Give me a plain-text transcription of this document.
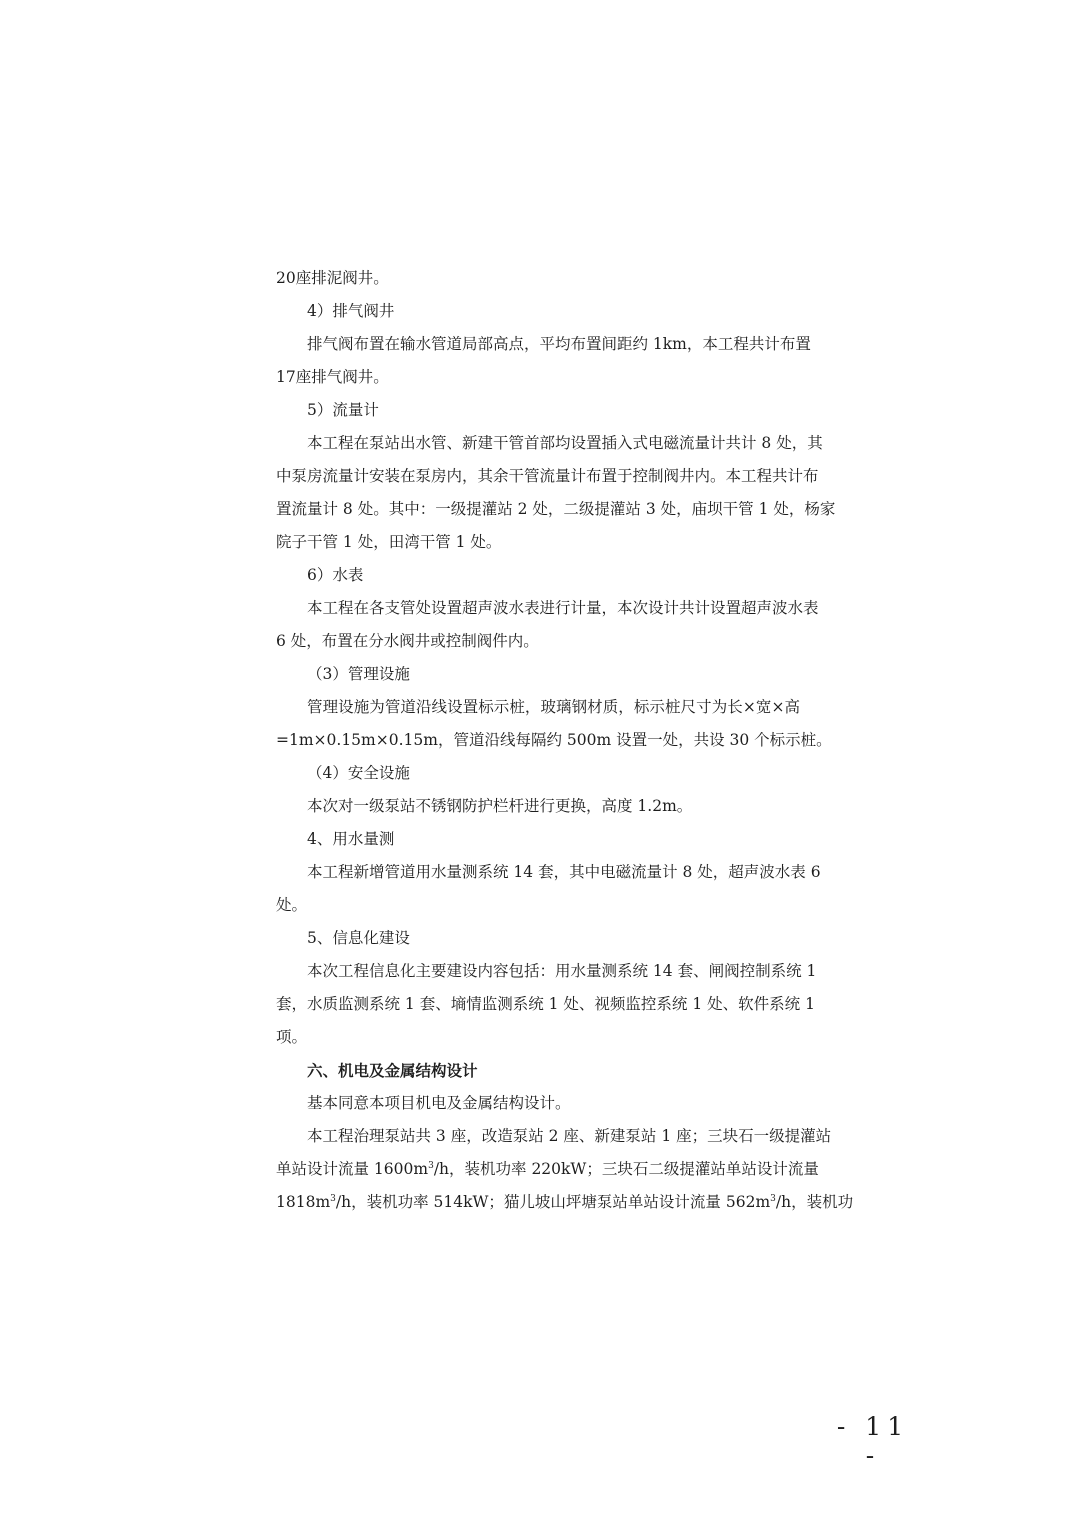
20座排泥阀井。
4）排气阀井
排气阀布置在输水管道局部高点，平均布置间距约 1km，本工程共计布置
17座排气阀井。
5）流量计
本工程在泵站出水管、新建干管首部均设置插入式电磁流量计共计 8 处，其
中泵房流量计安装在泵房内，其余干管流量计布置于控制阀井内。本工程共计布
置流量计 8 处。其中：一级提灌站 2 处，二级提灌站 3 处，庙坝干管 1 处，杨家
院子干管 1 处，田湾干管 1 处。
6）水表
本工程在各支管处设置超声波水表进行计量，本次设计共计设置超声波水表
6 处，布置在分水阀井或控制阀件内。
（3）管理设施
管理设施为管道沿线设置标示桩，玻璃钢材质，标示桩尺寸为长×宽×高
=1m×0.15m×0.15m，管道沿线每隔约 500m 设置一处，共设 30 个标示桩。
（4）安全设施
本次对一级泵站不锈钢防护栏杆进行更换，高度 1.2m。
4、用水量测
本工程新增管道用水量测系统 14 套，其中电磁流量计 8 处，超声波水表 6
处。
5、信息化建设
本次工程信息化主要建设内容包括：用水量测系统 14 套、闸阀控制系统 1
套，水质监测系统 1 套、墒情监测系统 1 处、视频监控系统 1 处、软件系统 1
项。
六、机电及金属结构设计
基本同意本项目机电及金属结构设计。
本工程治理泵站共 3 座，改造泵站 2 座、新建泵站 1 座；三块石一级提灌站
单站设计流量 $1600m^3/h$，装机功率 220kW；三块石二级提灌站单站设计流量
$1818m^3/h$，装机功率 514kW；猫儿坡山坪塘泵站单站设计流量 $562m^3/h$，装机功
- 11 -
